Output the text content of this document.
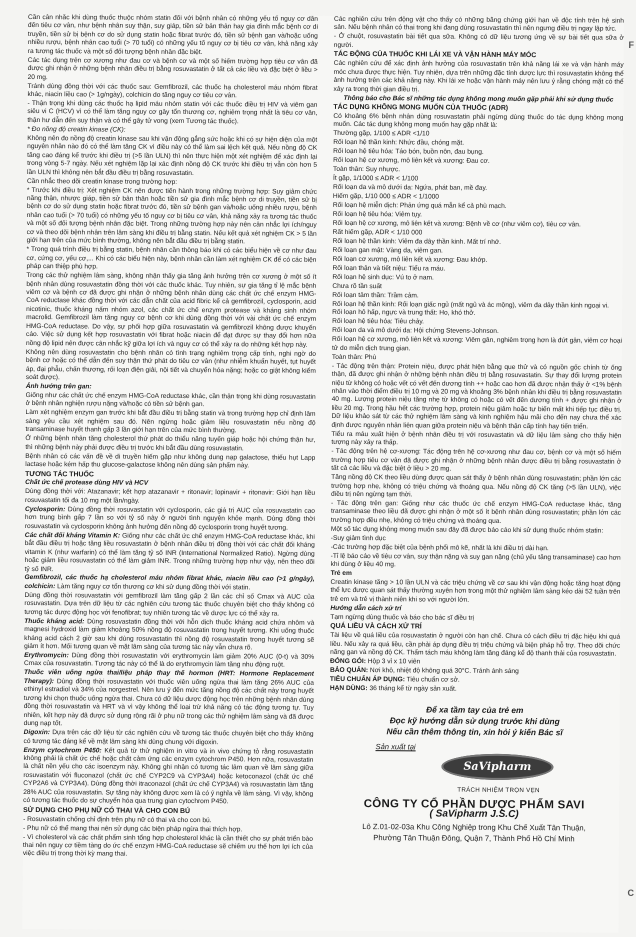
Cần cân nhắc khi dùng thuốc thuộc nhóm statin đối với bệnh nhân có những yếu tố nguy cơ dẫn đến tiêu cơ vân, như bệnh nhân suy thận, suy giáp, tiền sử bản thân hay gia đình mắc bệnh cơ di truyền, tiền sử bị bệnh cơ do sử dụng statin hoặc fibrat trước đó, tiền sử bệnh gan và/hoặc uống nhiều rượu, bệnh nhân cao tuổi (> 70 tuổi) có những yếu tố nguy cơ bị tiêu cơ vân, khả năng xảy ra tương tác thuốc và một số đối tượng bệnh nhân đặc biệt.

Các tác dụng trên cơ xương như đau cơ và bệnh cơ và một số hiếm trường hợp tiêu cơ vân đã được ghi nhận ở những bệnh nhân điều trị bằng rosuvastatin ở tất cả các liều và đặc biệt ở liều > 20 mg.

Tránh dùng đồng thời với các thuốc sau: Gemfibrozil, các thuốc hạ cholesterol máu nhóm fibrat khác, niacin liều cao (> 1g/ngày), colchicin do tăng nguy cơ tiêu cơ vân.

- Thận trọng khi dùng các thuốc hạ lipid máu nhóm statin với các thuốc điều trị HIV và viêm gan siêu vi C (HCV) vì có thể làm tăng nguy cơ gây tổn thương cơ, nghiêm trọng nhất là tiêu cơ vân, thận hư dẫn đến suy thận và có thể gây tử vong (xem Tương tác thuốc).

* Đo nồng độ creatin kinase (CK):

Không nên đo nồng độ creatin kinase sau khi vận động gắng sức hoặc khi có sự hiện diện của một nguyên nhân nào đó có thể làm tăng CK vì điều này có thể làm sai lệch kết quả. Nếu nồng độ CK tăng cao đáng kể trước khi điều trị (>5 lần ULN) thì nên thực hiện một xét nghiệm để xác định lại trong vòng 5-7 ngày. Nếu xét nghiệm lặp lại xác định nồng độ CK trước khi điều trị vẫn còn hơn 5 lần ULN thì không nên bắt đầu điều trị bằng rosuvastatin.

Cần nhắc theo dõi creatin kinase trong trường hợp:

* Trước khi điều trị: Xét nghiệm CK nên được tiến hành trong những trường hợp: Suy giảm chức năng thận, nhược giáp, tiền sử bản thân hoặc tiền sử gia đình mắc bệnh cơ di truyền, tiền sử bị bệnh cơ do sử dụng statin hoặc fibrat trước đó, tiền sử bệnh gan và/hoặc uống nhiều rượu, bệnh nhân cao tuổi (> 70 tuổi) có những yếu tố nguy cơ bị tiêu cơ vân, khả năng xảy ra tương tác thuốc và một số đối tượng bệnh nhân đặc biệt. Trong những trường hợp này nên cân nhắc lợi ích/nguy cơ và theo dõi bệnh nhân trên lâm sàng khi điều trị bằng statin. Nếu kết quả xét nghiệm CK > 5 lần giới hạn trên của mức bình thường, không nên bắt đầu điều trị bằng statin.

* Trong quá trình điều trị bằng statin, bệnh nhân cần thông báo khi có các biểu hiện về cơ như đau cơ, cứng cơ, yếu cơ,... Khi có các biểu hiện này, bệnh nhân cần làm xét nghiệm CK để có các biện pháp can thiệp phù hợp.

Trong các thử nghiệm lâm sàng, không nhận thấy gia tăng ảnh hưởng trên cơ xương ở một số ít bệnh nhân dùng rosuvastatin đồng thời với các thuốc khác. Tuy nhiên, sự gia tăng tỉ lệ mắc bệnh viêm cơ và bệnh cơ đã được ghi nhận ở những bệnh nhân dùng các chất ức chế enzym HMG-CoA reductase khác đồng thời với các dẫn chất của acid fibric kể cả gemfibrozil, cyclosporin, acid nicotinic, thuốc kháng nấm nhóm azol, các chất ức chế enzym protease và kháng sinh nhóm macrolid. Gemfibrozil làm tăng nguy cơ bệnh cơ khi dùng đồng thời với vài chất ức chế enzym HMG-CoA reductase. Do vậy, sự phối hợp giữa rosuvastatin và gemfibrozil không được khuyến cáo. Việc sử dụng kết hợp rosuvastatin với fibrat hoặc niacin để đạt được sự thay đổi hơn nữa nồng độ lipid nên được cân nhắc kỹ giữa lợi ích và nguy cơ có thể xảy ra do những kết hợp này.

Không nên dùng rosuvastatin cho bệnh nhân có tình trạng nghiêm trọng cấp tính, nghi ngờ do bệnh cơ hoặc có thể dẫn đến suy thận thứ phát do tiêu cơ vân (như nhiễm khuẩn huyết, tụt huyết áp, đại phẫu, chấn thương, rối loạn điện giải, nội tiết và chuyển hóa nặng; hoặc co giật không kiểm soát được).

Ảnh hưởng trên gan:

Giống như các chất ức chế enzym HMG-CoA reductase khác, cần thận trọng khi dùng rosuvastatin ở bệnh nhân nghiện rượu nặng và/hoặc có tiền sử bệnh gan.

Làm xét nghiệm enzym gan trước khi bắt đầu điều trị bằng statin và trong trường hợp chỉ định lâm sàng yêu cầu xét nghiệm sau đó. Nên ngừng hoặc giảm liều rosuvastatin nếu nồng độ transaminase huyết thanh gấp 3 lần giới hạn trên của mức bình thường.

Ở những bệnh nhân tăng cholesterol thứ phát do thiểu năng tuyến giáp hoặc hội chứng thận hư, thì những bệnh này phải được điều trị trước khi bắt đầu dùng rosuvastatin.

Bệnh nhân có các vấn đề về di truyền hiếm gặp như không dung nạp galactose, thiếu hụt Lapp lactase hoặc kém hấp thu glucose-galactose không nên dùng sản phẩm này.

TƯƠNG TÁC THUỐC

Chất ức chế protease dùng HIV và HCV

Dùng đồng thời với: Atazanavir; kết hợp atazanavir + ritonavir; lopinavir + ritonavir: Giới hạn liều rosuvastatin tối đa 10 mg một lần/ngày.

Cyclosporin: Dùng đồng thời rosuvastatin với cyclosporin, các giá trị AUC của rosuvastatin cao hơn trung bình gấp 7 lần so với tỷ số này ở người tình nguyện khỏe mạnh. Dùng đồng thời rosuvastatin và cyclosporin không ảnh hưởng đến nồng độ cyclosporin trong huyết tương.

Các chất đối kháng Vitamin K: Giống như các chất ức chế enzym HMG-CoA reductase khác, khi bắt đầu điều trị hoặc tăng liều rosuvastatin ở bệnh nhân điều trị đồng thời với các chất đối kháng vitamin K (như warfarin) có thể làm tăng tỷ số INR (International Normalized Ratio). Ngừng dùng hoặc giảm liều rosuvastatin có thể làm giảm INR. Trong những trường hợp như vậy, nên theo dõi tỷ số INR.

Gemfibrozil, các thuốc hạ cholesterol máu nhóm fibrat khác, niacin liều cao (>1 g/ngày), colchicin: Làm tăng nguy cơ tổn thương cơ khi sử dụng đồng thời với statin.

Dùng đồng thời rosuvastatin với gemfibrozil làm tăng gấp 2 lần các chỉ số Cmax và AUC của rosuvastatin. Dựa trên dữ liệu từ các nghiên cứu tương tác thuốc chuyên biệt cho thấy không có tương tác dược động học với fenofibrat; tuy nhiên tương tác về dược lực có thể xảy ra.

Thuốc kháng acid: Dùng rosuvastatin đồng thời với hỗn dịch thuốc kháng acid chứa nhôm và magnesi hydroxid làm giảm khoảng 50% nồng độ rosuvastatin trong huyết tương. Khi uống thuốc kháng acid cách 2 giờ sau khi dùng rosuvastatin thì nồng độ rosuvastatin trong huyết tương sẽ giảm ít hơn. Mối tương quan về mặt lâm sàng của tương tác này vẫn chưa rõ.

Erythromycin: Dùng đồng thời rosuvastatin với erythromycin làm giảm 20% AUC (0-t) và 30% Cmax của rosuvastatin. Tương tác này có thể là do erythromycin làm tăng nhu động ruột.

Thuốc viên uống ngừa thai/liệu pháp thay thế hormon (HRT: Hormone Replacement Therapy): Dùng đồng thời rosuvastatin với thuốc viên uống ngừa thai làm tăng 26% AUC của ethinyl estradiol và 34% của norgestrel. Nên lưu ý đến mức tăng nồng độ các chất này trong huyết tương khi chọn thuốc uống ngừa thai. Chưa có dữ liệu dược động học trên những bệnh nhân dùng đồng thời rosuvastatin và HRT và vì vậy không thể loại trừ khả năng có tác động tương tự. Tuy nhiên, kết hợp này đã được sử dụng rộng rãi ở phụ nữ trong các thử nghiệm lâm sàng và đã được dung nạp tốt.

Digoxin: Dựa trên các dữ liệu từ các nghiên cứu về tương tác thuốc chuyên biệt cho thấy không có tương tác đáng kể về mặt lâm sàng khi dùng chung với digoxin.

Enzym cytochrom P450: Kết quả từ thử nghiệm in vitro và in vivo chứng tỏ rằng rosuvastatin không phải là chất ức chế hoặc chất cảm ứng các enzym cytochrom P450. Hơn nữa, rosuvastatin là chất nền yếu cho các isoenzym này. Không ghi nhận có tương tác lâm quan về lâm sàng giữa rosuvastatin với fluconazol (chất ức chế CYP2C9 và CYP3A4) hoặc ketoconazol (chất ức chế CYP2A6 và CYP3A4). Dùng đồng thời itraconazol (chất ức chế CYP3A4) và rosuvastatin làm tăng 28% AUC của rosuvastatin. Sự tăng này không được xem là có ý nghĩa về lâm sàng. Vì vậy, không có tương tác thuốc do sự chuyển hóa qua trung gian cytochrom P450.

SỬ DỤNG CHO PHỤ NỮ CÓ THAI VÀ CHO CON BÚ

- Rosuvastatin chống chỉ định trên phụ nữ có thai và cho con bú.

- Phụ nữ có thể mang thai nên sử dụng các biện pháp ngừa thai thích hợp.

- Vì cholesterol và các chất phẩm sinh tổng hợp cholesterol khác là cần thiết cho sự phát triển bào thai nên nguy cơ tiềm tàng do ức chế enzym HMG-CoA reductase sẽ chiếm ưu thế hơn lợi ích của việc điều trị trong thời kỳ mang thai.

Các nghiên cứu trên động vật cho thấy có những bằng chứng giới hạn về độc tính trên hệ sinh sản. Nếu bệnh nhân có thai trong khi đang dùng rosuvastatin thì nên ngưng điều trị ngay lập tức.

- Ở chuột, rosuvastatin bài tiết qua sữa. Không có dữ liệu tương ứng về sự bài tiết qua sữa ở người.

TÁC ĐỘNG CỦA THUỐC KHI LÁI XE VÀ VẬN HÀNH MÁY MÓC

Các nghiên cứu để xác định ảnh hưởng của rosuvastatin trên khả năng lái xe và vận hành máy móc chưa được thực hiện. Tuy nhiên, dựa trên những đặc tính dược lực thì rosuvastatin không thể ảnh hưởng trên các khả năng này. Khi lái xe hoặc vận hành máy nên lưu ý rằng chóng mặt có thể xảy ra trong thời gian điều trị.

Thông báo cho Bác sĩ những tác dụng không mong muốn gặp phải khi sử dụng thuốc

TÁC DỤNG KHÔNG MONG MUỐN CỦA THUỐC (ADR)

Có khoảng 6% bệnh nhân dùng rosuvastatin phải ngừng dùng thuốc do tác dụng không mong muốn. Các tác dụng không mong muốn hay gặp nhất là:

Thường gặp, 1/100 ≤ ADR <1/10

Rối loạn hệ thần kinh: Nhức đầu, chóng mặt.

Rối loạn hệ tiêu hóa: Táo bón, buồn nôn, đau bụng.

Rối loạn hệ cơ xương, mô liên kết và xương: Đau cơ.

Toàn thân: Suy nhược.

Ít gặp, 1/1000 ≤ ADR < 1/100

Rối loạn da và mô dưới da: Ngứa, phát ban, mề đay.

Hiếm gặp, 1/10 000 ≤ ADR < 1/1000

Rối loạn hệ miễn dịch: Phản ứng quá mẫn kể cả phù mạch.

Rối loạn hệ tiêu hóa: Viêm tụy.

Rối loạn hệ cơ xương, mô liên kết và xương: Bệnh về cơ (như viêm cơ), tiêu cơ vân.

Rất hiếm gặp, ADR < 1/10 000

Rối loạn hệ thần kinh: Viêm đa dây thần kinh. Mất trí nhớ.

Rối loạn gan mật: Vàng da, viêm gan.

Rối loạn cơ xương, mô liên kết và xương: Đau khớp.

Rối loạn thận và tiết niệu: Tiểu ra máu.

Rối loạn hệ sinh dục: Vú to ở nam.

Chưa rõ tần suất

Rối loạn tâm thần: Trầm cảm.

Rối loạn hệ thần kinh: Rối loạn giấc ngủ (mất ngủ và ác mộng), viêm đa dây thần kinh ngoại vi.

Rối loạn hô hấp, ngực và trung thất: Ho, khó thở.

Rối loạn hệ tiêu hóa: Tiêu chảy.

Rối loạn da và mô dưới da: Hội chứng Stevens-Johnson.

Rối loạn hệ cơ xương, mô liên kết và xương: Viêm gân, nghiêm trọng hơn là đứt gân, viêm cơ hoại tử do miễn dịch trung gian.

Toàn thân: Phù

- Tác động trên thận: Protein niệu, được phát hiện bằng que thử và có nguồn gốc chính từ ống thận, đã được ghi nhận ở những bệnh nhân điều trị bằng rosuvastatin. Sự thay đổi lượng protein niệu từ không có hoặc vết có vết đến dương tính ++ hoặc cao hơn đã được nhận thấy ở <1% bệnh nhân vào thời điểm điều trị 10 mg và 20 mg và khoảng 3% bệnh nhân khi điều trị bằng rosuvastatin 40 mg. Lượng protein niệu tăng nhẹ từ không có hoặc có vết đến dương tính + được ghi nhận ở liều 20 mg. Trong hầu hết các trường hợp, protein niệu giảm hoặc tự biến mất khi tiếp tục điều trị. Dữ liệu khảo sát từ các thử nghiệm lâm sàng và kinh nghiệm hậu mãi cho đến nay chưa thể xác định được nguyên nhân liên quan giữa protein niệu và bệnh thận cấp tính hay tiến triển.

Tiểu ra máu xuất hiện ở bệnh nhân điều trị với rosuvastatin và dữ liệu lâm sàng cho thấy hiện tượng này xảy ra thấp.

- Tác động trên hệ cơ-xương: Tác động trên hệ cơ-xương như đau cơ, bệnh cơ và một số hiếm trường hợp tiêu cơ vân đã được ghi nhận ở những bệnh nhân được điều trị bằng rosuvastatin ở tất cả các liều và đặc biệt ở liều > 20 mg.

Tăng nồng độ CK theo liều dùng được quan sát thấy ở bệnh nhân dùng rosuvastatin; phần lớn các trường hợp nhẹ, không có triệu chứng và thoáng qua. Nếu nồng độ CK tăng (>5 lần ULN), việc điều trị nên ngừng tạm thời.

- Tác động trên gan: Giống như các thuốc ức chế enzym HMG-CoA reductase khác, tăng transaminase theo liều đã được ghi nhận ở một số ít bệnh nhân dùng rosuvastatin; phần lớn các trường hợp đều nhẹ, không có triệu chứng và thoáng qua.

Một số tác dụng không mong muốn sau đây đã được báo cáo khi sử dụng thuốc nhóm statin:

-Suy giảm tình dục

-Các trường hợp đặc biệt của bệnh phổi mô kẽ, nhất là khi điều trị dài hạn.

-Tỉ lệ báo cáo về tiêu cơ vân, suy thận nặng và suy gan nặng (chủ yếu tăng transaminase) cao hơn khi dùng ở liều 40 mg.

Trẻ em

Creatin kinase tăng > 10 lần ULN và các triệu chứng về cơ sau khi vận động hoặc tăng hoạt động thể lực được quan sát thấy thường xuyên hơn trong một thử nghiệm lâm sàng kéo dài 52 tuần trên trẻ em và trẻ vị thành niên khi so với người lớn.

Hướng dẫn cách xử trí

Tạm ngừng dùng thuốc và báo cho bác sĩ điều trị

QUÁ LIỀU VÀ CÁCH XỬ TRÍ

Tài liệu về quá liều của rosuvastatin ở người còn hạn chế. Chưa có cách điều trị đặc hiệu khi quá liều. Nếu xảy ra quá liều, cần phải áp dụng điều trị triệu chứng và biện pháp hỗ trợ. Theo dõi chức năng gan và nồng độ CK. Thẩm tách máu không làm tăng đáng kể độ thanh thải của rosuvastatin.

ĐÓNG GÓI: Hộp 3 vỉ x 10 viên

BẢO QUẢN: Nơi khô, nhiệt độ không quá 30°C. Tránh ánh sáng

TIÊU CHUẨN ÁP DỤNG: Tiêu chuẩn cơ sở.

HẠN DÙNG: 36 tháng kể từ ngày sản xuất.

Để xa tầm tay của trẻ em

Đọc kỹ hướng dẫn sử dụng trước khi dùng

Nếu cần thêm thông tin, xin hỏi ý kiến Bác sĩ

Sản xuất tại
SaVipharm
TRÁCH NHIỆM TRỌN VẸN
CÔNG TY CỔ PHẦN DƯỢC PHẨM SAVI
( SaVipharm J.S.C)
Lô Z.01-02-03a Khu Công Nghiệp trong Khu Chế Xuất Tân Thuận,
Phường Tân Thuận Đông, Quận 7, Thành Phố Hồ Chí Minh
F
C
